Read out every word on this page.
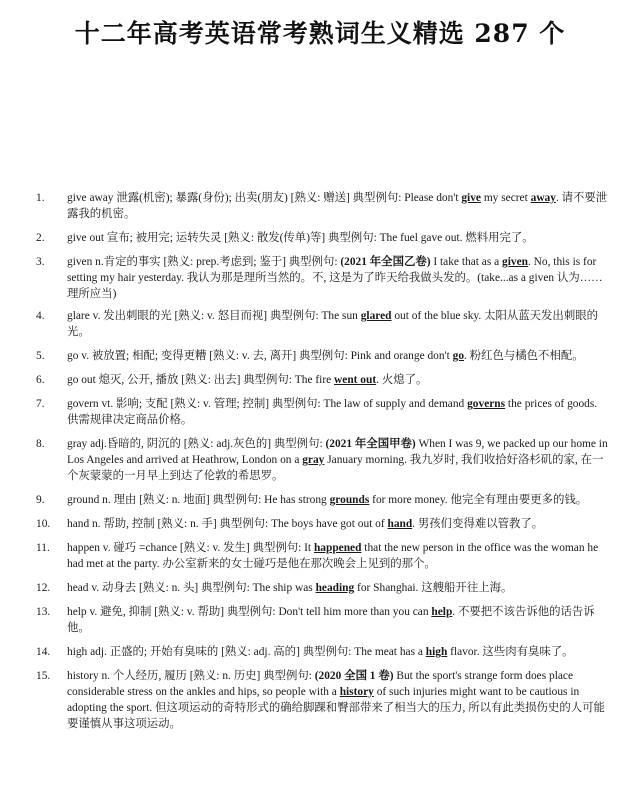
十二年高考英语常考熟词生义精选 287 个
1.	give away 泄露(机密); 暴露(身份); 出卖(朋友) [熟义: 赠送] 典型例句: Please don't give my secret away. 请不要泄露我的机密。
2.	give out 宣布; 被用完; 运转失灵 [熟义: 散发(传单)等] 典型例句: The fuel gave out. 燃料用完了。
3.	given n.肯定的事实 [熟义: prep.考虑到; 鉴于] 典型例句: (2021 年全国乙卷) I take that as a given. No, this is for setting my hair yesterday. 我认为那是理所当然的。不, 这是为了昨天给我做头发的。(take...as a given 认为……理所应当)
4.	glare v. 发出刺眼的光 [熟义: v. 怒目而视] 典型例句: The sun glared out of the blue sky. 太阳从蓝天发出刺眼的光。
5.	go v. 被放置; 相配; 变得更糟 [熟义: v. 去, 离开] 典型例句: Pink and orange don't go. 粉红色与橘色不相配。
6.	go out 熄灭, 公开, 播放 [熟义: 出去] 典型例句: The fire went out. 火熄了。
7.	govern vt. 影响; 支配 [熟义: v. 管理; 控制] 典型例句: The law of supply and demand governs the prices of goods. 供需规律决定商品价格。
8.	gray adj.昏暗的, 阴沉的 [熟义: adj.灰色的] 典型例句: (2021 年全国甲卷) When I was 9, we packed up our home in Los Angeles and arrived at Heathrow, London on a gray January morning. 我九岁时, 我们收拾好洛杉矶的家, 在一个灰蒙蒙的一月早上到达了伦敦的希思罗。
9.	ground n. 理由 [熟义: n. 地面] 典型例句: He has strong grounds for more money. 他完全有理由要更多的钱。
10.	hand n. 帮助, 控制 [熟义: n. 手] 典型例句: The boys have got out of hand. 男孩们变得难以管教了。
11.	happen v. 碰巧 =chance [熟义: v. 发生] 典型例句: It happened that the new person in the office was the woman he had met at the party. 办公室新来的女士碰巧是他在那次晚会上见到的那个。
12.	head v. 动身去 [熟义: n. 头] 典型例句: The ship was heading for Shanghai. 这艘船开往上海。
13.	help v. 避免, 抑制 [熟义: v. 帮助] 典型例句: Don't tell him more than you can help. 不要把不该告诉他的话告诉他。
14.	high adj. 正盛的; 开始有臭味的 [熟义: adj. 高的] 典型例句: The meat has a high flavor. 这些肉有臭味了。
15.	history n. 个人经历, 履历 [熟义: n. 历史] 典型例句: (2020 全国 1 卷) But the sport's strange form does place considerable stress on the ankles and hips, so people with a history of such injuries might want to be cautious in adopting the sport. 但这项运动的奇特形式的确给脚踝和臀部带来了相当大的压力, 所以有此类损伤史的人可能要谨慎从事这项运动。
